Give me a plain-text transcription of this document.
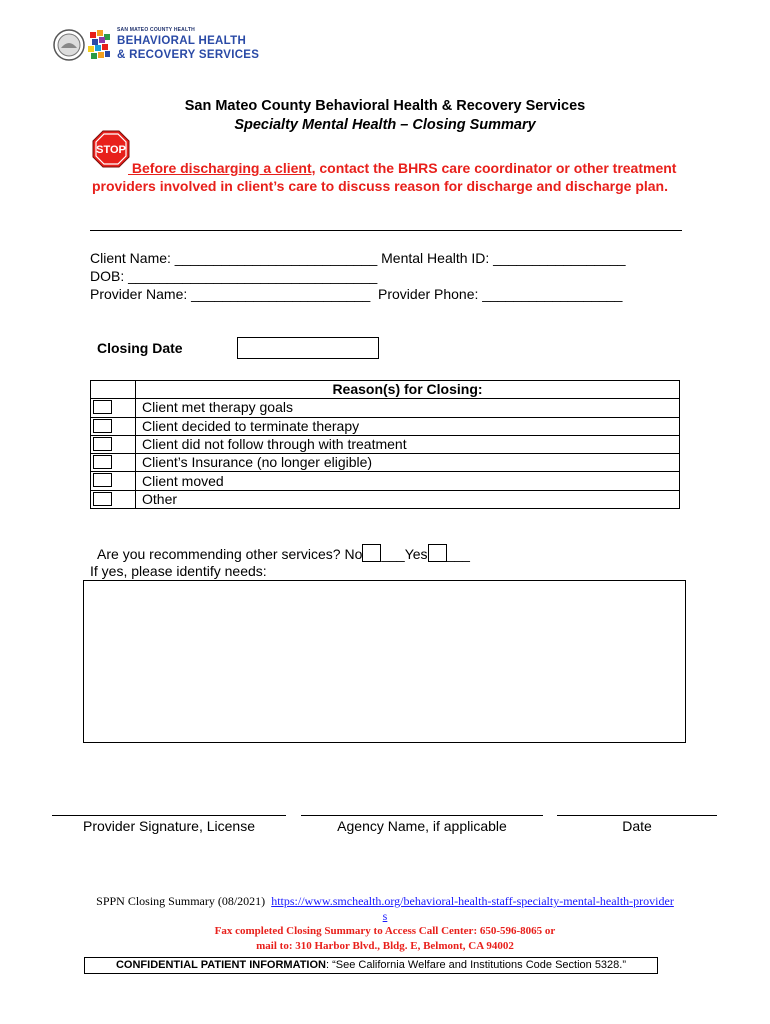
SAN MATEO COUNTY HEALTH
BEHAVIORAL HEALTH
& RECOVERY SERVICES
San Mateo County Behavioral Health & Recovery Services
Specialty Mental Health – Closing Summary
STOP
Before discharging a client, contact the BHRS care coordinator or other treatment providers involved in client’s care to discuss reason for discharge and discharge plan.
Client Name: __________________________ Mental Health ID: _________________
DOB: ________________________________
Provider Name: _______________________  Provider Phone: __________________
Closing Date
	Reason(s) for Closing:

	Client met therapy goals

	Client decided to terminate therapy

	Client did not follow through with treatment

	Client’s Insurance (no longer eligible)

	Client moved

	Other

Are you recommending other services? No ___Yes ___

If yes, please identify needs:
Provider Signature, License	Agency Name, if applicable	Date
SPPN Closing Summary (08/2021) https://www.smchealth.org/behavioral-health-staff-specialty-mental-health-providers
Fax completed Closing Summary to Access Call Center: 650-596-8065 or
mail to: 310 Harbor Blvd., Bldg. E, Belmont, CA 94002
CONFIDENTIAL PATIENT INFORMATION: “See California Welfare and Institutions Code Section 5328.”
